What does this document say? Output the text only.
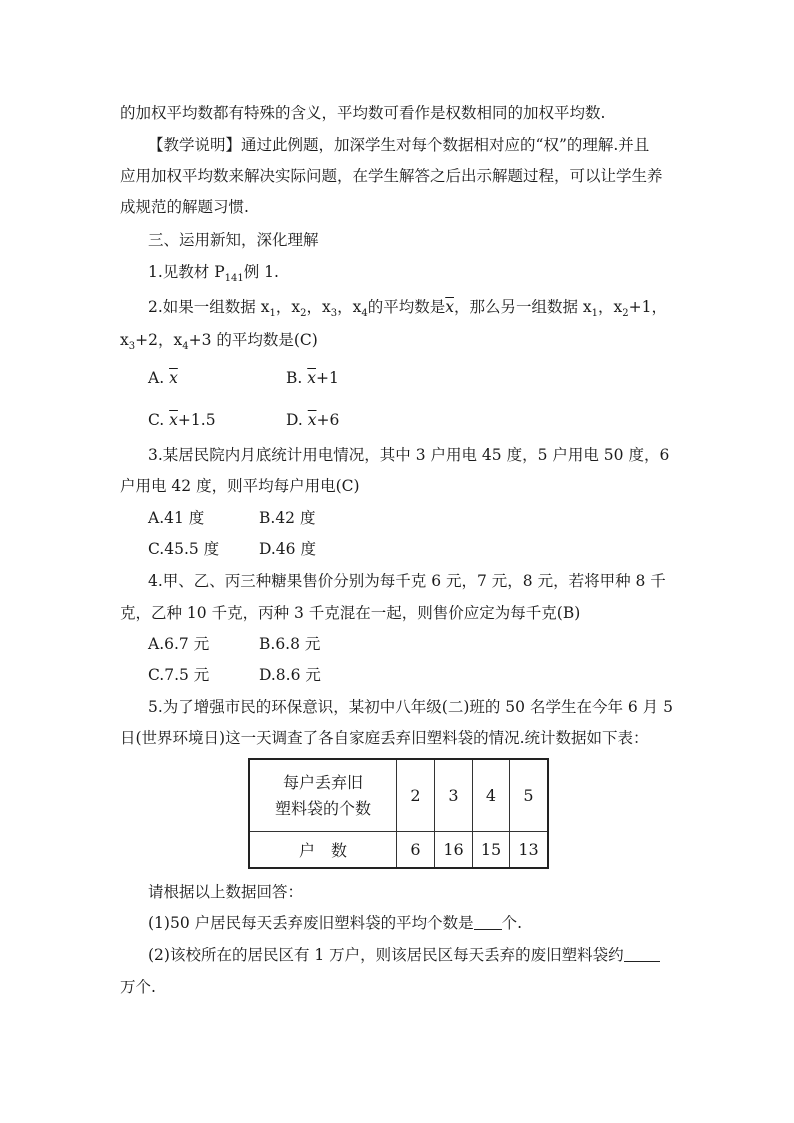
的加权平均数都有特殊的含义，平均数可看作是权数相同的加权平均数.
【教学说明】通过此例题，加深学生对每个数据相对应的“权”的理解.并且
应用加权平均数来解决实际问题，在学生解答之后出示解题过程，可以让学生养
成规范的解题习惯.
三、运用新知，深化理解
1.见教材 $P_{141}$例 1.
2.如果一组数据 $x_1$，$x_2$，$x_3$，$x_4$的平均数是$\overline{x}$，那么另一组数据 $x_1$，$x_2+1$，
$x_3+2$，$x_4+3$ 的平均数是(C)
A. $\overline{x}$	B. $\overline{x}+1$
C. $\overline{x}+1.5$	D. $\overline{x}+6$
3.某居民院内月底统计用电情况，其中 3 户用电 45 度，5 户用电 50 度，6
户用电 42 度，则平均每户用电(C)
A.41 度	B.42 度
C.45.5 度	D.46 度
4.甲、乙、丙三种糖果售价分别为每千克 6 元，7 元，8 元，若将甲种 8 千
克，乙种 10 千克，丙种 3 千克混在一起，则售价应定为每千克(B)
A.6.7 元	B.6.8 元
C.7.5 元	D.8.6 元
5.为了增强市民的环保意识，某初中八年级(二)班的 50 名学生在今年 6 月 5
日(世界环境日)这一天调查了各自家庭丢弃旧塑料袋的情况.统计数据如下表：
每户丢弃旧
塑料袋的个数	2	3	4	5
户　数	6	16	15	13
请根据以上数据回答：
(1)50 户居民每天丢弃废旧塑料袋的平均个数是 个.
(2)该校所在的居民区有 1 万户，则该居民区每天丢弃的废旧塑料袋约
万个.
